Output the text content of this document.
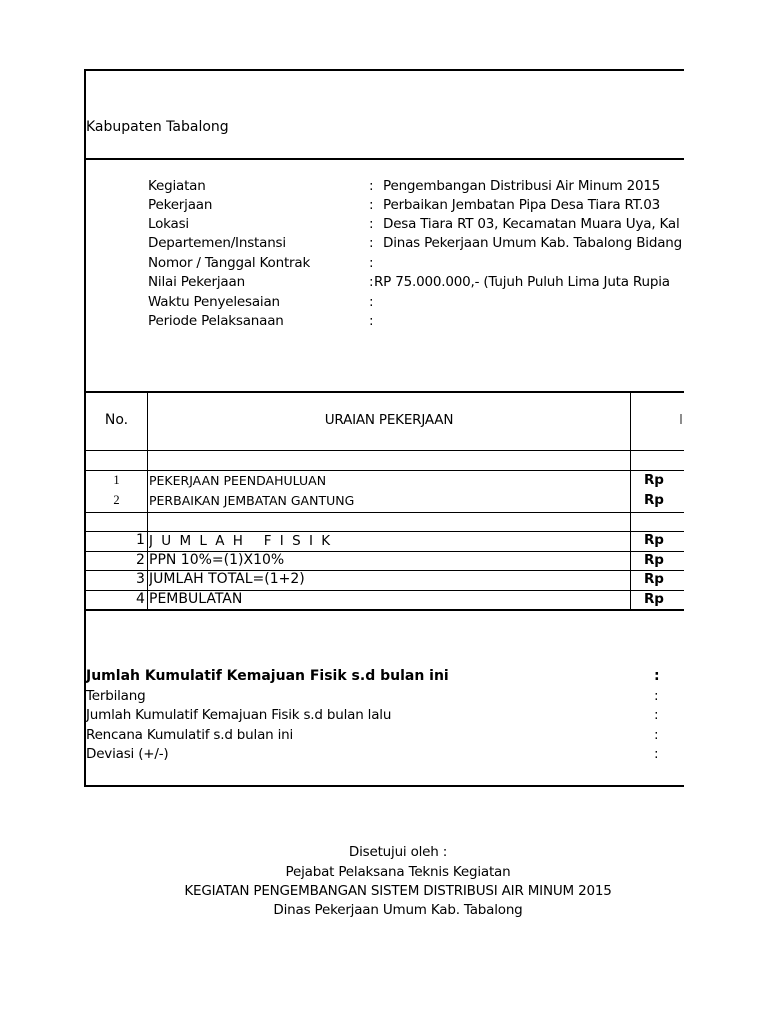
Kabupaten Tabalong
Kegiatan	: Pengembangan Distribusi Air Minum 2015
Pekerjaan	: Perbaikan Jembatan Pipa Desa Tiara RT.03
Lokasi	: Desa Tiara RT 03, Kecamatan Muara Uya, Kal
Departemen/Instansi	: Dinas Pekerjaan Umum Kab. Tabalong Bidang
Nomor / Tanggal Kontrak	:
Nilai Pekerjaan	: RP 75.000.000,- (Tujuh Puluh Lima Juta Rupia
Waktu Penyelesaian	:
Periode Pelaksanaan	:
No.	URAIAN PEKERJAAN	I
1	PEKERJAAN PEENDAHULUAN	Rp
2	PERBAIKAN JEMBATAN GANTUNG	Rp
1 J U M L A H   F I S I K	Rp
2 PPN 10%=(1)X10%	Rp
3 JUMLAH TOTAL=(1+2)	Rp
4 PEMBULATAN	Rp
Jumlah Kumulatif Kemajuan Fisik s.d bulan ini	:
Terbilang	:
Jumlah Kumulatif Kemajuan Fisik s.d bulan lalu	:
Rencana Kumulatif s.d bulan ini	:
Deviasi (+/-)	:
Disetujui oleh :
Pejabat Pelaksana Teknis Kegiatan
KEGIATAN PENGEMBANGAN SISTEM DISTRIBUSI AIR MINUM 2015
Dinas Pekerjaan Umum Kab. Tabalong
